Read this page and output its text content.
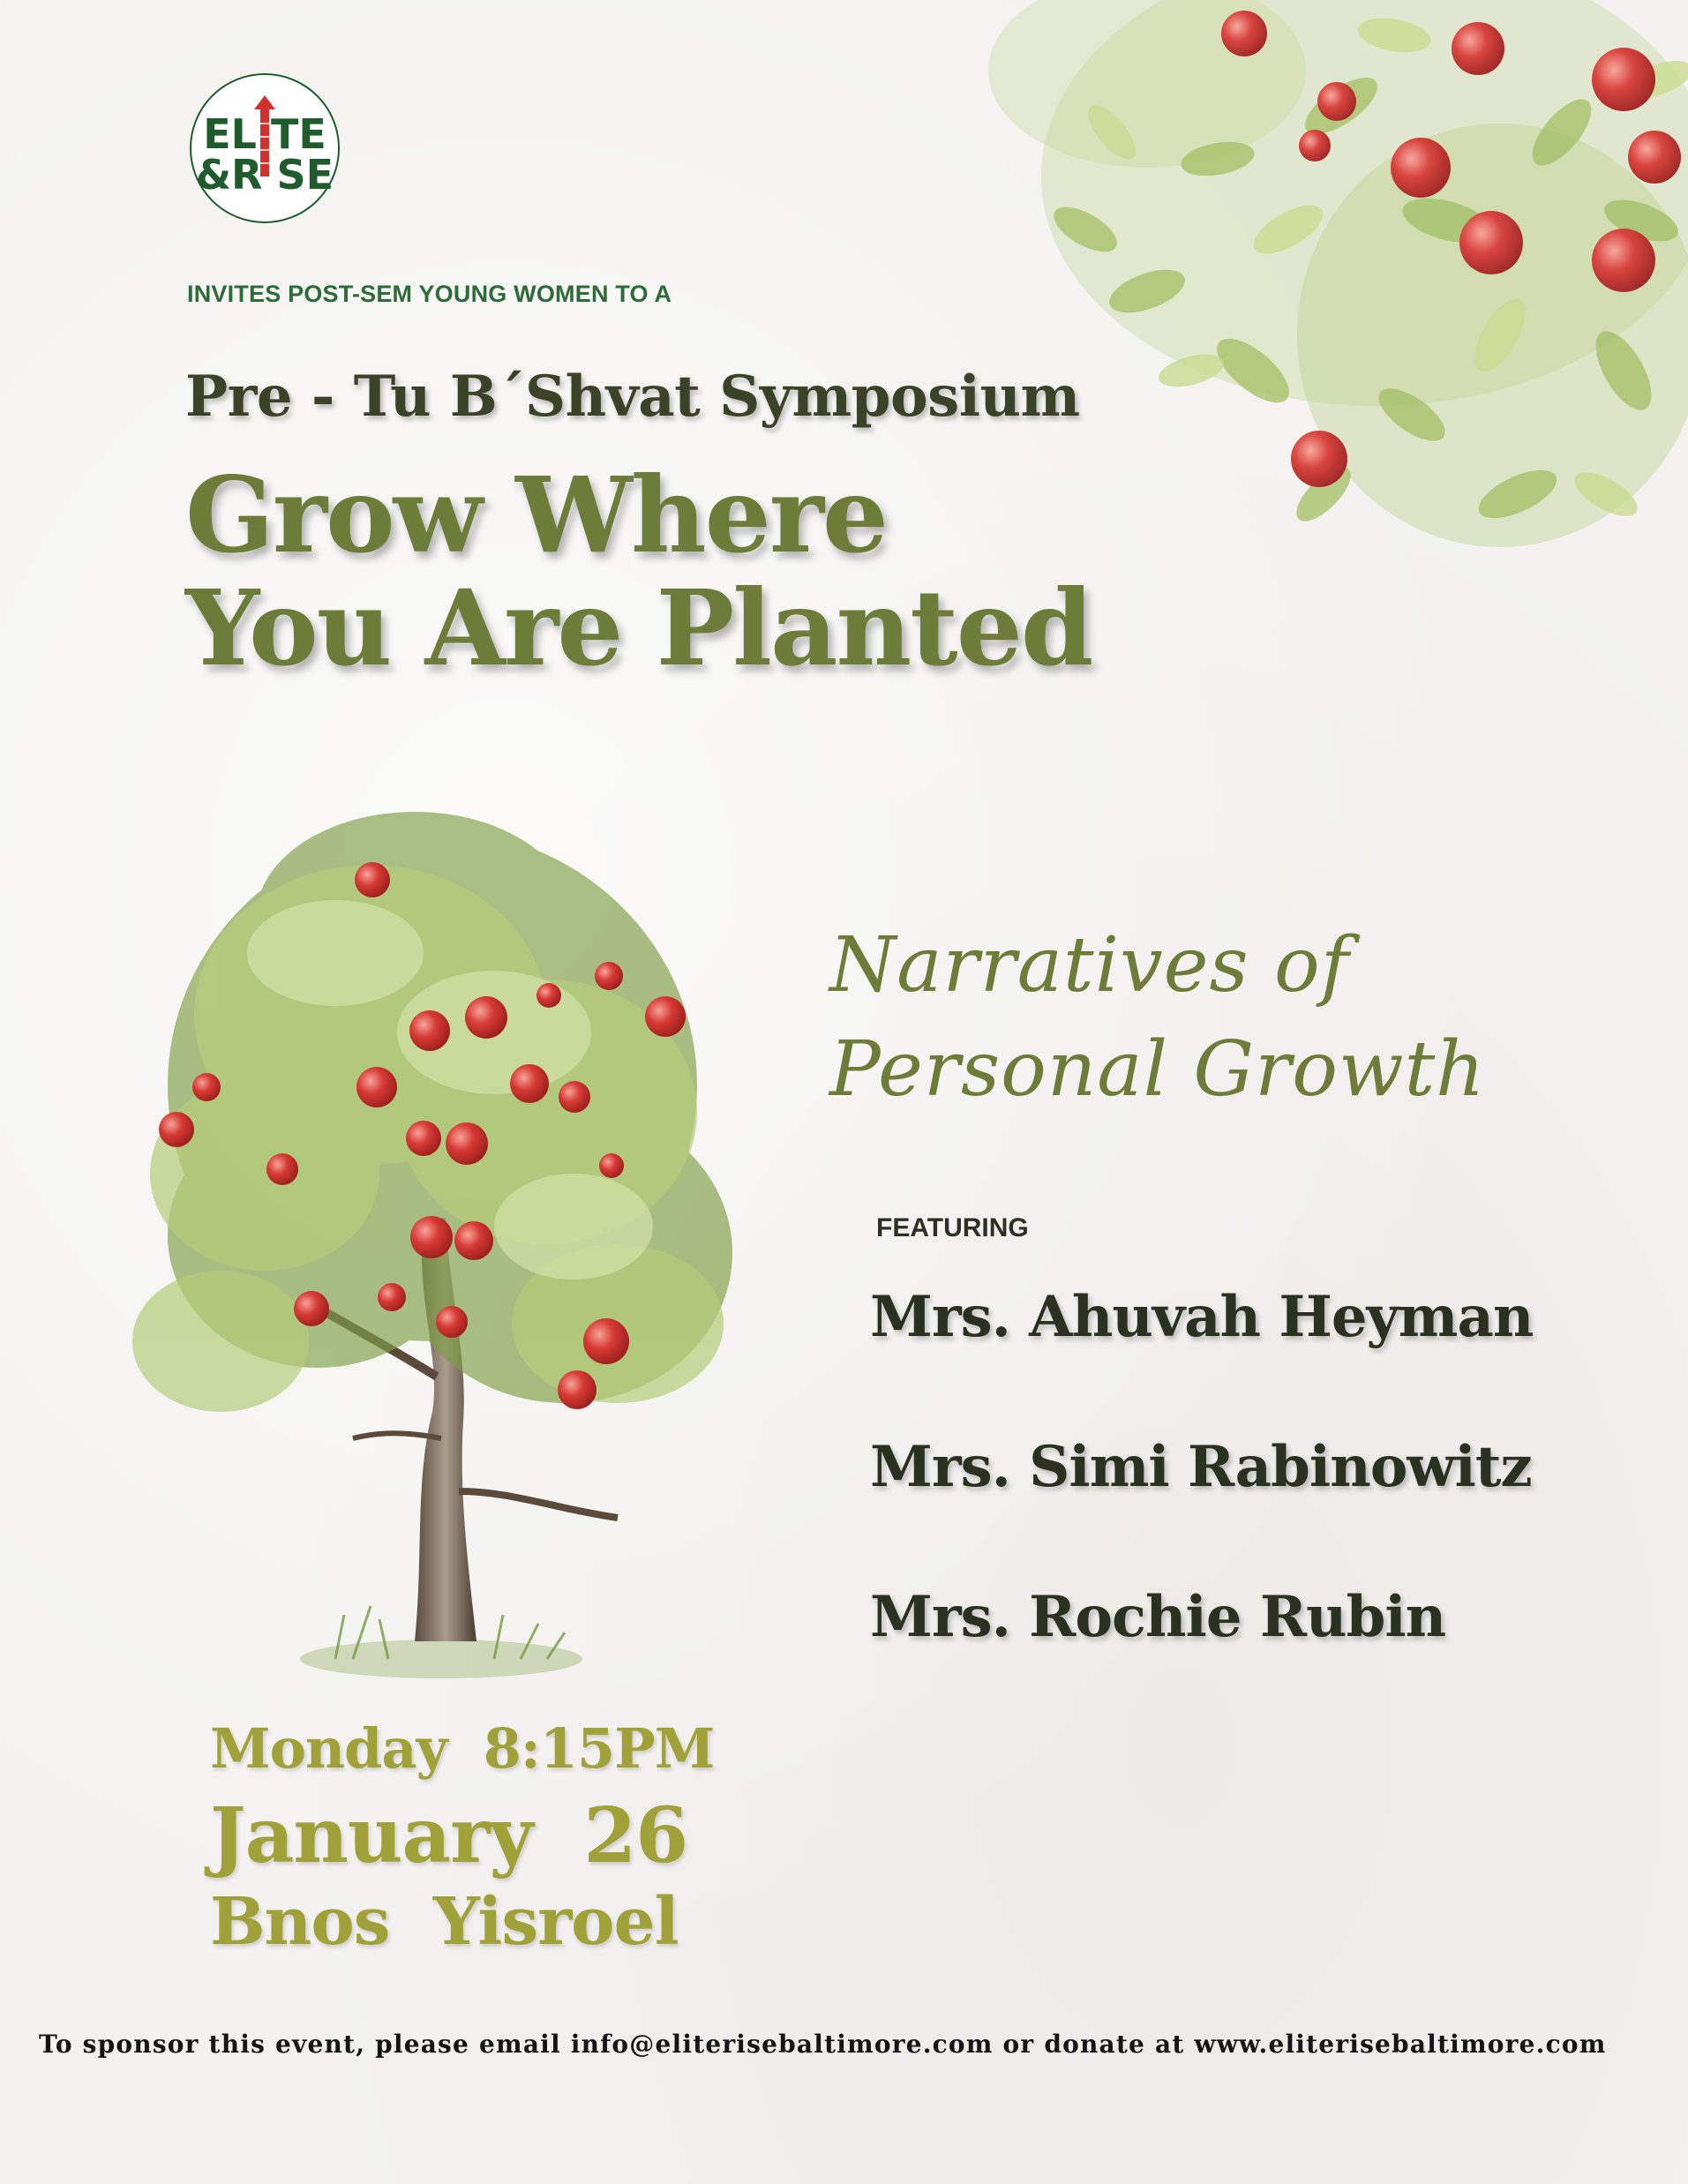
EL TE
&R SE
INVITES POST-SEM YOUNG WOMEN TO A
Pre - Tu B´Shvat Symposium
Grow Where
You Are Planted
Narratives of
Personal Growth
FEATURING
Mrs. Ahuvah Heyman
Mrs. Simi Rabinowitz
Mrs. Rochie Rubin
Monday  8:15PM
January  26
Bnos  Yisroel
To sponsor this event, please email info@eliterisebaltimore.com or donate at www.eliterisebaltimore.com
